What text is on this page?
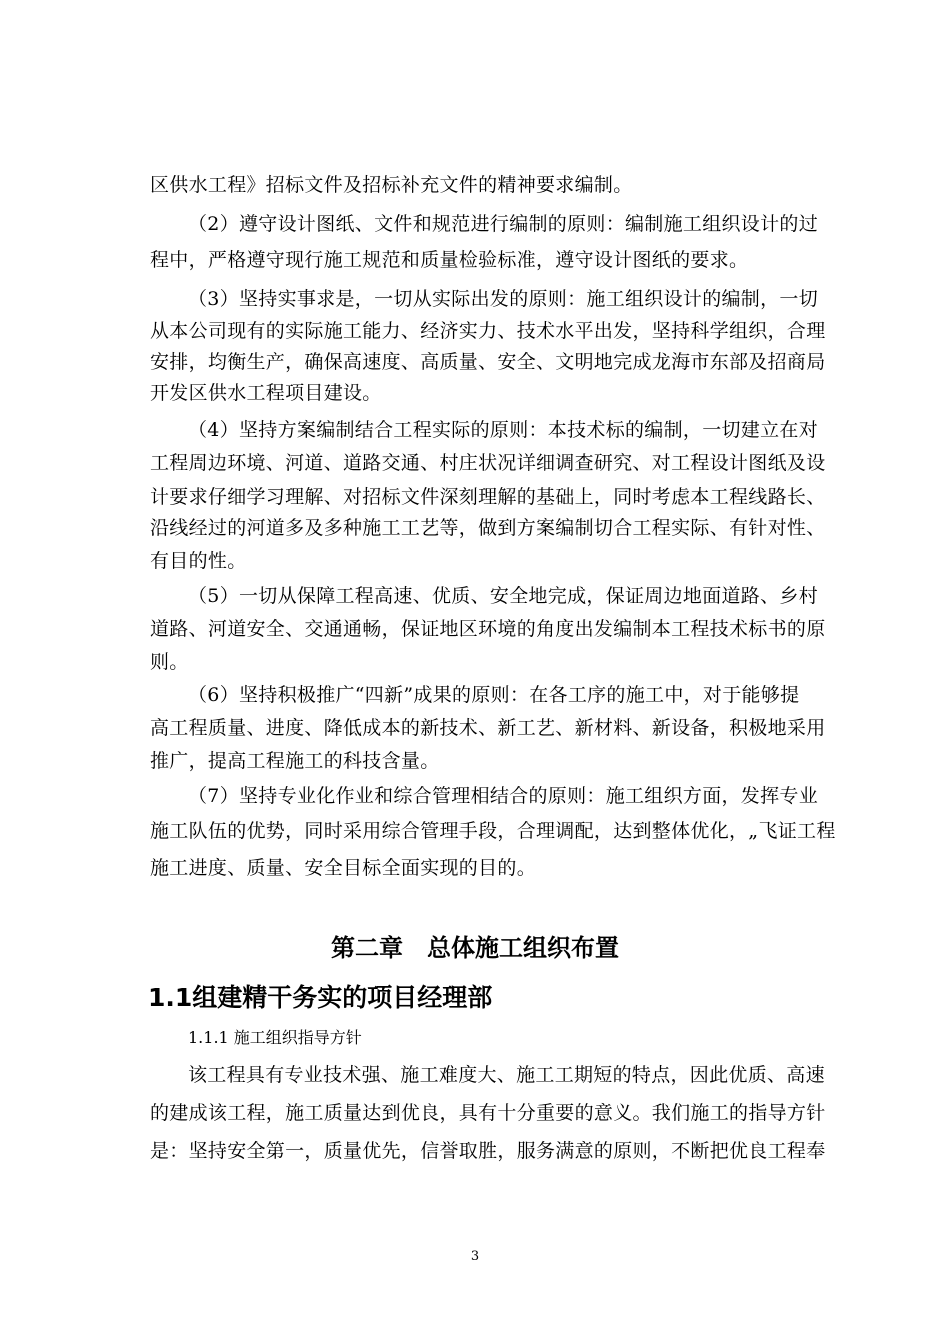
区供水工程》招标文件及招标补充文件的精神要求编制。
（2）遵守设计图纸、文件和规范进行编制的原则：编制施工组织设计的过
程中，严格遵守现行施工规范和质量检验标准，遵守设计图纸的要求。
（3）坚持实事求是，一切从实际出发的原则：施工组织设计的编制，一切
从本公司现有的实际施工能力、经济实力、技术水平出发，坚持科学组织，合理
安排，均衡生产，确保高速度、高质量、安全、文明地完成龙海市东部及招商局
开发区供水工程项目建设。
（4）坚持方案编制结合工程实际的原则：本技术标的编制，一切建立在对
工程周边环境、河道、道路交通、村庄状况详细调查研究、对工程设计图纸及设
计要求仔细学习理解、对招标文件深刻理解的基础上，同时考虑本工程线路长、
沿线经过的河道多及多种施工工艺等，做到方案编制切合工程实际、有针对性、
有目的性。
（5）一切从保障工程高速、优质、安全地完成，保证周边地面道路、乡村
道路、河道安全、交通通畅，保证地区环境的角度出发编制本工程技术标书的原
则。
（6）坚持积极推广“四新”成果的原则：在各工序的施工中，对于能够提
高工程质量、进度、降低成本的新技术、新工艺、新材料、新设备，积极地采用
推广，提高工程施工的科技含量。
（7）坚持专业化作业和综合管理相结合的原则：施工组织方面，发挥专业
施工队伍的优势，同时采用综合管理手段，合理调配，达到整体优化，„飞证工程
施工进度、质量、安全目标全面实现的目的。
第二章　总体施工组织布置
1.1组建精干务实的项目经理部
1.1.1 施工组织指导方针
该工程具有专业技术强、施工难度大、施工工期短的特点，因此优质、高速
的建成该工程，施工质量达到优良，具有十分重要的意义。我们施工的指导方针
是：坚持安全第一，质量优先，信誉取胜，服务满意的原则，不断把优良工程奉
3
